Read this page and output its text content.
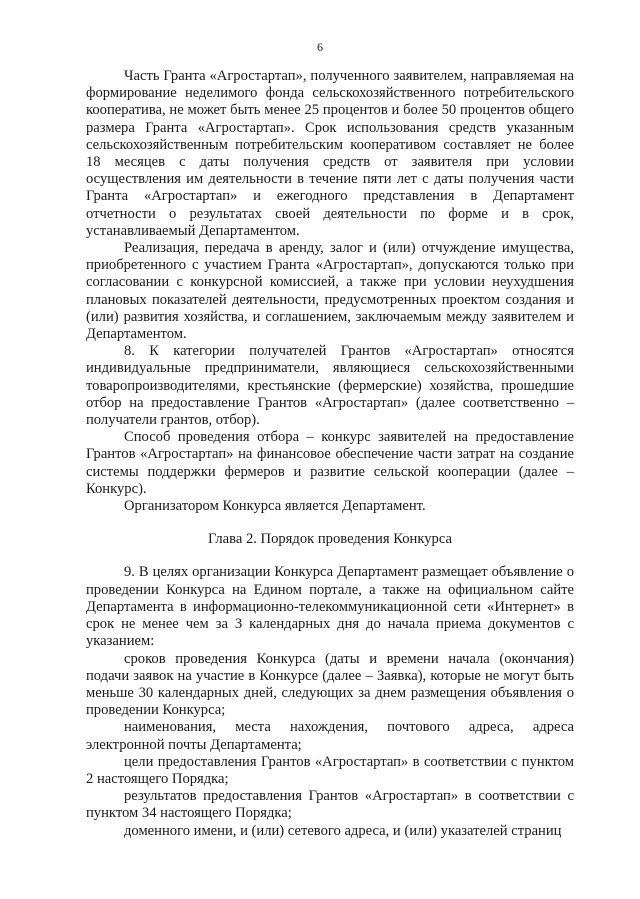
6

Часть Гранта «Агростартап», полученного заявителем, направляемая на формирование неделимого фонда сельскохозяйственного потребительского кооператива, не может быть менее 25 процентов и более 50 процентов общего размера Гранта «Агростартап». Срок использования средств указанным сельскохозяйственным потребительским кооперативом составляет не более 18 месяцев с даты получения средств от заявителя при условии осуществления им деятельности в течение пяти лет с даты получения части Гранта «Агростартап» и ежегодного представления в Департамент отчетности о результатах своей деятельности по форме и в срок, устанавливаемый Департаментом.

Реализация, передача в аренду, залог и (или) отчуждение имущества, приобретенного с участием Гранта «Агростартап», допускаются только при согласовании с конкурсной комиссией, а также при условии неухудшения плановых показателей деятельности, предусмотренных проектом создания и (или) развития хозяйства, и соглашением, заключаемым между заявителем и Департаментом.

8. К категории получателей Грантов «Агростартап» относятся индивидуальные предприниматели, являющиеся сельскохозяйственными товаропроизводителями, крестьянские (фермерские) хозяйства, прошедшие отбор на предоставление Грантов «Агростартап» (далее соответственно – получатели грантов, отбор).

Способ проведения отбора – конкурс заявителей на предоставление Грантов «Агростартап» на финансовое обеспечение части затрат на создание системы поддержки фермеров и развитие сельской кооперации (далее – Конкурс).

Организатором Конкурса является Департамент.

Глава 2. Порядок проведения Конкурса

9. В целях организации Конкурса Департамент размещает объявление о проведении Конкурса на Едином портале, а также на официальном сайте Департамента в информационно-телекоммуникационной сети «Интернет» в срок не менее чем за 3 календарных дня до начала приема документов с указанием:

сроков проведения Конкурса (даты и времени начала (окончания) подачи заявок на участие в Конкурсе (далее – Заявка), которые не могут быть меньше 30 календарных дней, следующих за днем размещения объявления о проведении Конкурса;

наименования, места нахождения, почтового адреса, адреса электронной почты Департамента;

цели предоставления Грантов «Агростартап» в соответствии с пунктом 2 настоящего Порядка;

результатов предоставления Грантов «Агростартап» в соответствии с пунктом 34 настоящего Порядка;

доменного имени, и (или) сетевого адреса, и (или) указателей страниц
